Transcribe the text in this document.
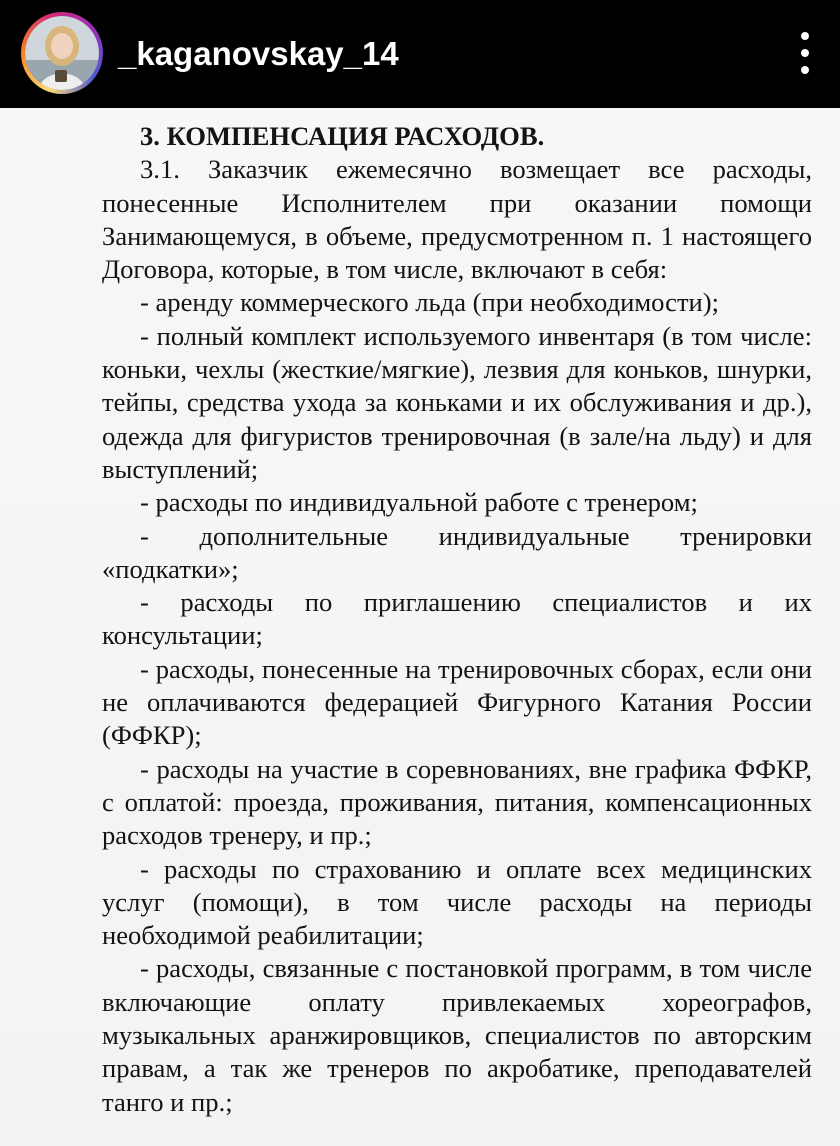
_kaganovskay_14
3. КОМПЕНСАЦИЯ РАСХОДОВ.

3.1. Заказчик ежемесячно возмещает все расходы, понесенные Исполнителем при оказании помощи Занимающемуся, в объеме, предусмотренном п. 1 настоящего Договора, которые, в том числе, включают в себя:

- аренду коммерческого льда (при необходимости);

- полный комплект используемого инвентаря (в том числе: коньки, чехлы (жесткие/мягкие), лезвия для коньков, шнурки, тейпы, средства ухода за коньками и их обслуживания и др.), одежда для фигуристов тренировочная (в зале/на льду) и для выступлений;

- расходы по индивидуальной работе с тренером;

- дополнительные индивидуальные тренировки «подкатки»;

- расходы по приглашению специалистов и их консультации;

- расходы, понесенные на тренировочных сборах, если они не оплачиваются федерацией Фигурного Катания России (ФФКР);

- расходы на участие в соревнованиях, вне графика ФФКР, с оплатой: проезда, проживания, питания, компенсационных расходов тренеру, и пр.;

- расходы по страхованию и оплате всех медицинских услуг (помощи), в том числе расходы на периоды необходимой реабилитации;

- расходы, связанные с постановкой программ, в том числе включающие оплату привлекаемых хореографов, музыкальных аранжировщиков, специалистов по авторским правам, а так же тренеров по акробатике, преподавателей танго и пр.;
